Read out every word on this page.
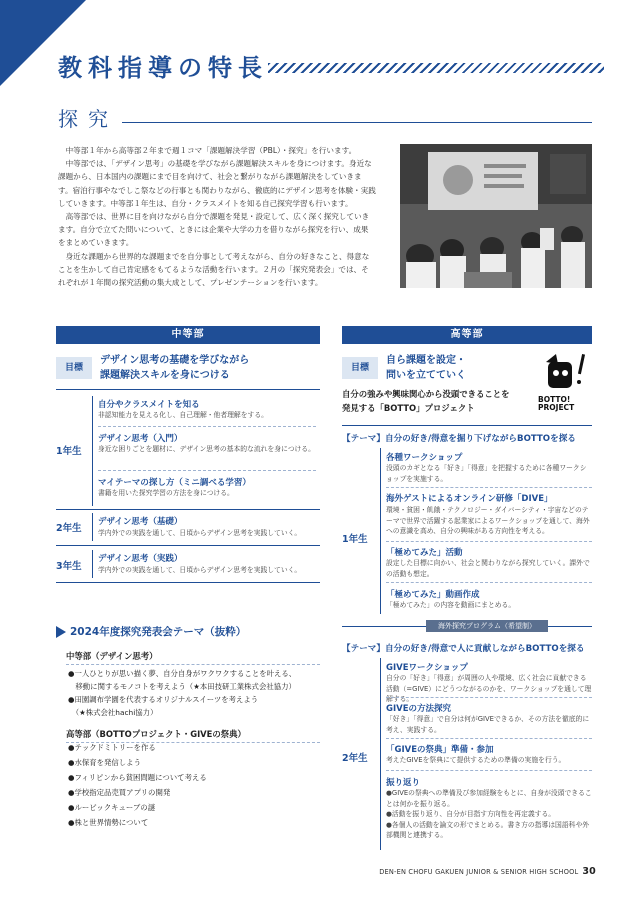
教科指導の特長
探究

中等部１年から高等部２年まで週１コマ「課題解決学習（PBL）・探究」を行います。

中等部では、「デザイン思考」の基礎を学びながら課題解決スキルを身につけます。身近な課題から、日本国内の課題にまで目を向けて、社会と繋がりながら課題解決をしていきます。宿泊行事やなでしこ祭などの行事とも関わりながら、徹底的にデザイン思考を体験・実践していきます。中等部１年生は、自分・クラスメイトを知る自己探究学習も行います。

高等部では、世界に目を向けながら自分で課題を発見・設定して、広く深く探究していきます。自分で立てた問いについて、ときには企業や大学の力を借りながら探究を行い、成果をまとめていきます。

身近な課題から世界的な課題までを自分事として考えながら、自分の好きなこと、得意なことを生かして自己肯定感をもてるような活動を行います。２月の「探究発表会」では、それぞれが１年間の探究活動の集大成として、プレゼンテーションを行います。

中等部
目標
デザイン思考の基礎を学びながら
課題解決スキルを身につける
1年生
自分やクラスメイトを知る
非認知能力を見える化し、自己理解・他者理解をする。
デザイン思考（入門）
身近な困りごとを題材に、デザイン思考の基本的な流れを身につける。
マイテーマの探し方（ミニ調べる学習）
書籍を用いた探究学習の方法を身につける。
2年生
デザイン思考（基礎）
学内外での実践を通して、日頃からデザイン思考を実践していく。
3年生
デザイン思考（実践）
学内外での実践を通して、日頃からデザイン思考を実践していく。
2024年度探究発表会テーマ（抜粋）
中等部（デザイン思考）
●一人ひとりが思い描く夢、自分自身がワクワクすることを叶える、
　移動に関するモノコトを考えよう（★本田技研工業株式会社協力）
●田園調布学園を代表するオリジナルスイーツを考えよう
　（★株式会社hachi協力）
高等部（BOTTOプロジェクト・GIVEの祭典）
●テックドミトリーを作る
●水保育を発信しよう
●フィリピンから貧困問題について考える
●学校指定品売買アプリの開発
●ルービックキューブの謎
●株と世界情勢について
高等部
目標
自ら課題を設定・
問いを立てていく
BOTTO!
PROJECT
自分の強みや興味関心から没頭できることを
発見する「BOTTO」プロジェクト
【テーマ】自分の好き/得意を掘り下げながらBOTTOを探る
1年生
各種ワークショップ
没頭のカギとなる「好き」「得意」を把握するために各種ワークショップを実施する。
海外ゲストによるオンライン研修「DIVE」
環境・貧困・飢餓・テクノロジー・ダイバーシティ・宇宙などのテーマで世界で活躍する起業家によるワークショップを通して、海外への意識を高め、自分の興味がある方向性を考える。
「極めてみた」活動
設定した目標に向かい、社会と関わりながら探究していく。課外での活動も想定。
「極めてみた」動画作成
「極めてみた」の内容を動画にまとめる。
海外探究プログラム（希望制）
【テーマ】自分の好き/得意で人に貢献しながらBOTTOを探る
2年生
GIVEワークショップ
自分の「好き」「得意」が周囲の人や環境、広く社会に貢献できる活動（=GIVE）にどうつながるのかを、ワークショップを通して理解する。
GIVEの方法探究
「好き」「得意」で自分は何がGIVEできるか、その方法を徹底的に考え、実践する。
「GIVEの祭典」準備・参加
考えたGIVEを祭典にて提供するための準備の実施を行う。
振り返り
●GIVEの祭典への準備及び参加経験をもとに、自身が没頭できることは何かを振り返る。
●活動を振り返り、自分が目指す方向性を再定義する。
●各個人の活動を論文の形でまとめる。書き方の指導は国語科や外部機関と連携する。
DEN-EN CHOFU GAKUEN JUNIOR & SENIOR HIGH SCHOOL 30
